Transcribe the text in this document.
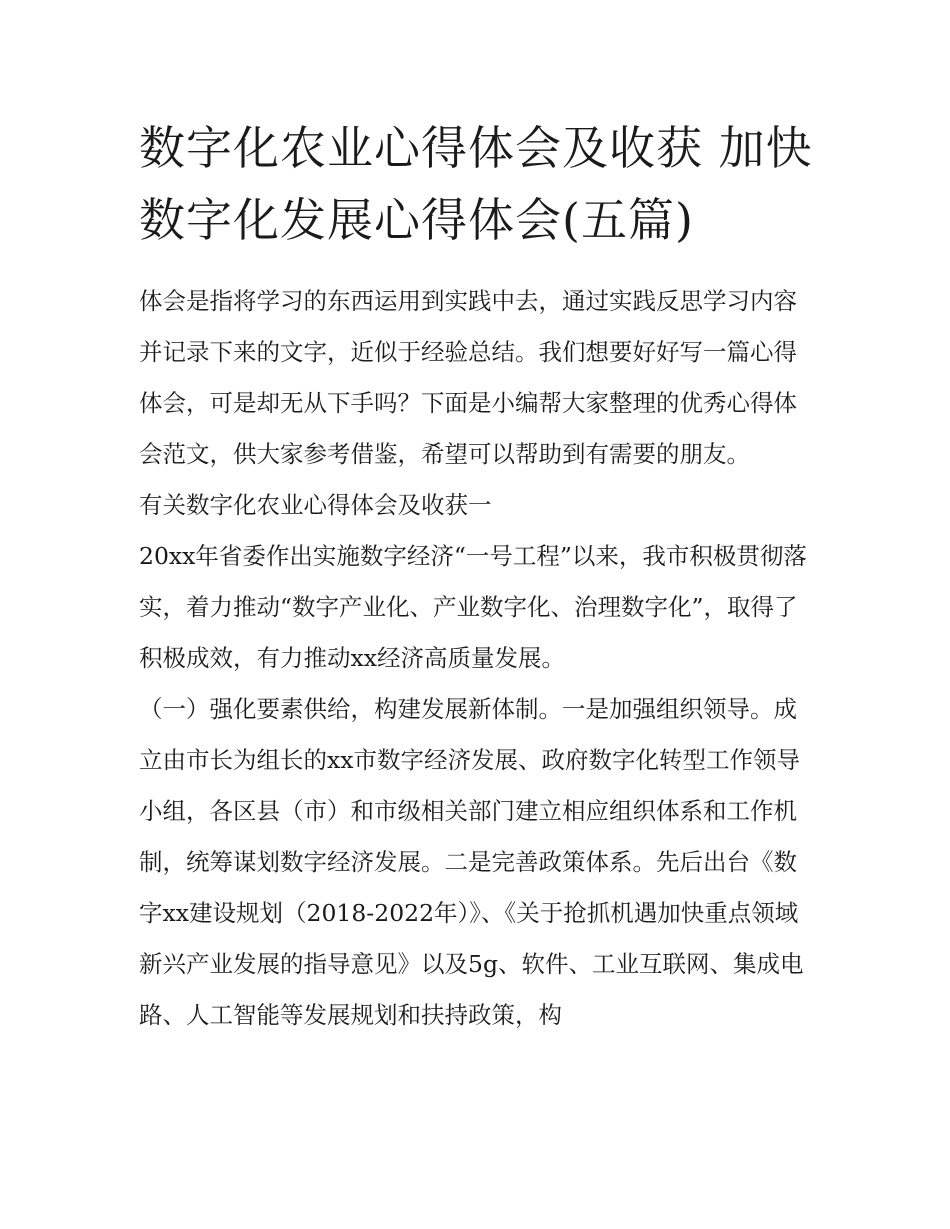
数字化农业心得体会及收获 加快数字化发展心得体会(五篇)

体会是指将学习的东西运用到实践中去，通过实践反思学习内容并记录下来的文字，近似于经验总结。我们想要好好写一篇心得体会，可是却无从下手吗？下面是小编帮大家整理的优秀心得体会范文，供大家参考借鉴，希望可以帮助到有需要的朋友。

有关数字化农业心得体会及收获一

20xx年省委作出实施数字经济“一号工程”以来，我市积极贯彻落实，着力推动“数字产业化、产业数字化、治理数字化”，取得了积极成效，有力推动xx经济高质量发展。

（一）强化要素供给，构建发展新体制。一是加强组织领导。成立由市长为组长的xx市数字经济发展、政府数字化转型工作领导小组，各区县（市）和市级相关部门建立相应组织体系和工作机制，统筹谋划数字经济发展。二是完善政策体系。先后出台《数字xx建设规划（2018-2022年）》、《关于抢抓机遇加快重点领域新兴产业发展的指导意见》以及5g、软件、工业互联网、集成电路、人工智能等发展规划和扶持政策，构
